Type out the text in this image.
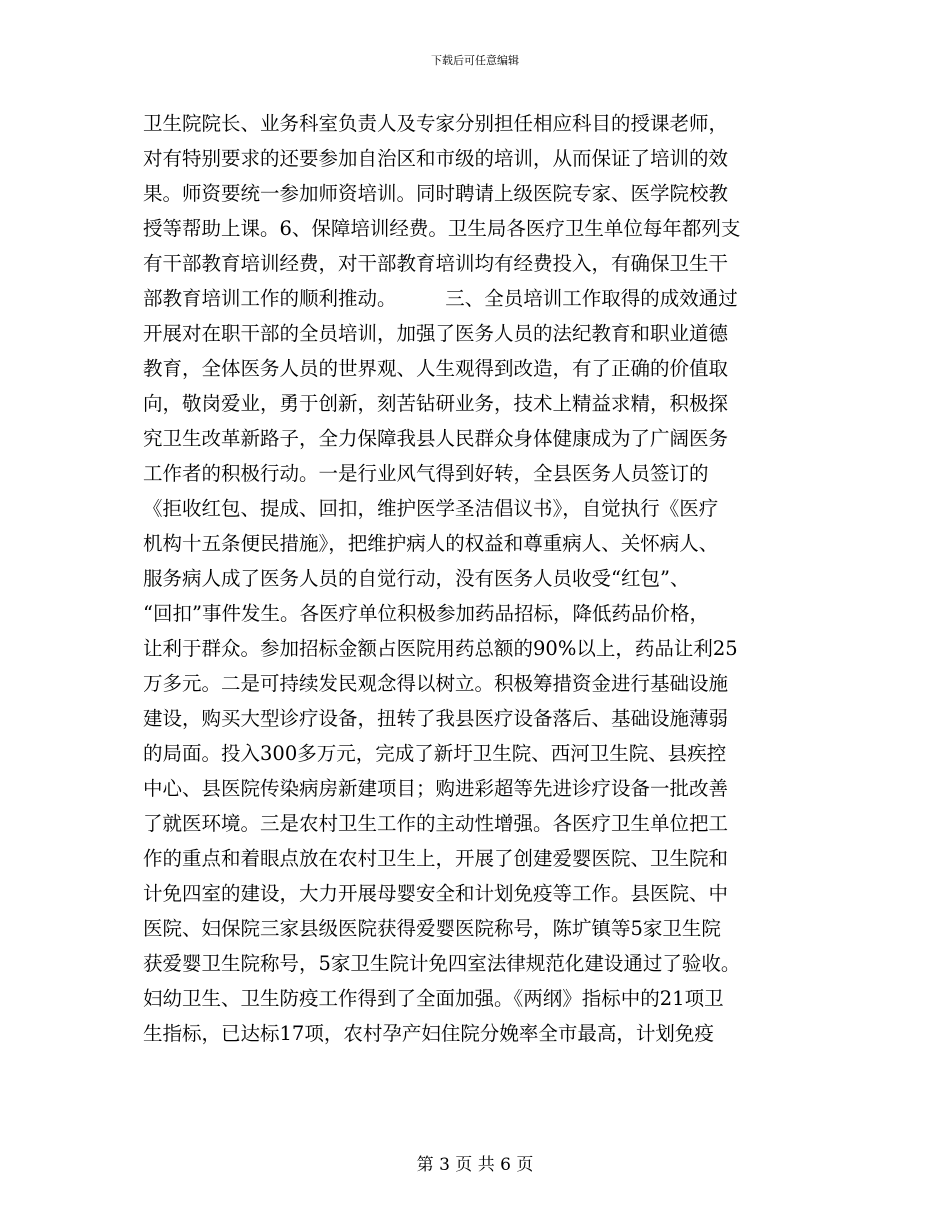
下载后可任意编辑
卫生院院长、业务科室负责人及专家分别担任相应科目的授课老师，
对有特别要求的还要参加自治区和市级的培训，从而保证了培训的效
果。师资要统一参加师资培训。同时聘请上级医院专家、医学院校教
授等帮助上课。6、保障培训经费。卫生局各医疗卫生单位每年都列支
有干部教育培训经费，对干部教育培训均有经费投入，有确保卫生干
部教育培训工作的顺利推动。　　　三、全员培训工作取得的成效通过
开展对在职干部的全员培训，加强了医务人员的法纪教育和职业道德
教育，全体医务人员的世界观、人生观得到改造，有了正确的价值取
向，敬岗爱业，勇于创新，刻苦钻研业务，技术上精益求精，积极探
究卫生改革新路子，全力保障我县人民群众身体健康成为了广阔医务
工作者的积极行动。一是行业风气得到好转，全县医务人员签订的
《拒收红包、提成、回扣，维护医学圣洁倡议书》，自觉执行《医疗
机构十五条便民措施》，把维护病人的权益和尊重病人、关怀病人、
服务病人成了医务人员的自觉行动，没有医务人员收受“红包”、
“回扣”事件发生。各医疗单位积极参加药品招标，降低药品价格，
让利于群众。参加招标金额占医院用药总额的90%以上，药品让利25
万多元。二是可持续发民观念得以树立。积极筹措资金进行基础设施
建设，购买大型诊疗设备，扭转了我县医疗设备落后、基础设施薄弱
的局面。投入300多万元，完成了新圩卫生院、西河卫生院、县疾控
中心、县医院传染病房新建项目；购进彩超等先进诊疗设备一批改善
了就医环境。三是农村卫生工作的主动性增强。各医疗卫生单位把工
作的重点和着眼点放在农村卫生上，开展了创建爱婴医院、卫生院和
计免四室的建设，大力开展母婴安全和计划免疫等工作。县医院、中
医院、妇保院三家县级医院获得爱婴医院称号，陈圹镇等5家卫生院
获爱婴卫生院称号，5家卫生院计免四室法律规范化建设通过了验收。
妇幼卫生、卫生防疫工作得到了全面加强。《两纲》指标中的21项卫
生指标，已达标17项，农村孕产妇住院分娩率全市最高，计划免疫
第 3 页 共 6 页
